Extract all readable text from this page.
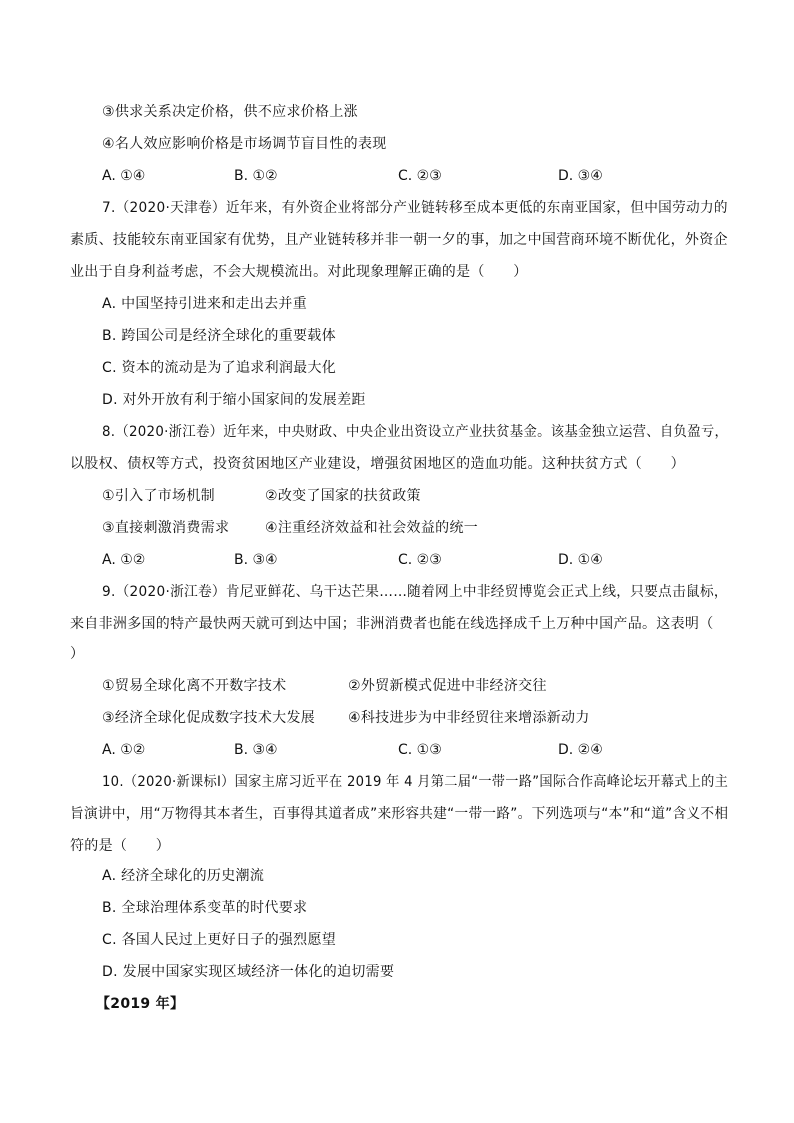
③供求关系决定价格，供不应求价格上涨
④名人效应影响价格是市场调节盲目性的表现
A. ①④	B. ①②	C. ②③	D. ③④
7.（2020·天津卷）近年来，有外资企业将部分产业链转移至成本更低的东南亚国家，但中国劳动力的
素质、技能较东南亚国家有优势，且产业链转移并非一朝一夕的事，加之中国营商环境不断优化，外资企
业出于自身利益考虑，不会大规模流出。对此现象理解正确的是（　　）
A. 中国坚持引进来和走出去并重
B. 跨国公司是经济全球化的重要载体
C. 资本的流动是为了追求利润最大化
D. 对外开放有利于缩小国家间的发展差距
8.（2020·浙江卷）近年来，中央财政、中央企业出资设立产业扶贫基金。该基金独立运营、自负盈亏，
以股权、债权等方式，投资贫困地区产业建设，增强贫困地区的造血功能。这种扶贫方式（　　）
①引入了市场机制	②改变了国家的扶贫政策
③直接刺激消费需求	④注重经济效益和社会效益的统一
A. ①②	B. ③④	C. ②③	D. ①④
9.（2020·浙江卷）肯尼亚鲜花、乌干达芒果……随着网上中非经贸博览会正式上线，只要点击鼠标，
来自非洲多国的特产最快两天就可到达中国；非洲消费者也能在线选择成千上万种中国产品。这表明（
）
①贸易全球化离不开数字技术	②外贸新模式促进中非经济交往
③经济全球化促成数字技术大发展 ④科技进步为中非经贸往来增添新动力
A. ①②	B. ③④	C. ①③	D. ②④
10.（2020·新课标Ⅰ）国家主席习近平在 2019 年 4 月第二届“一带一路”国际合作高峰论坛开幕式上的主
旨演讲中，用“万物得其本者生，百事得其道者成”来形容共建“一带一路”。下列选项与“本”和“道”含义不相
符的是（　　）
A. 经济全球化的历史潮流
B. 全球治理体系变革的时代要求
C. 各国人民过上更好日子的强烈愿望
D. 发展中国家实现区域经济一体化的迫切需要
【2019 年】
